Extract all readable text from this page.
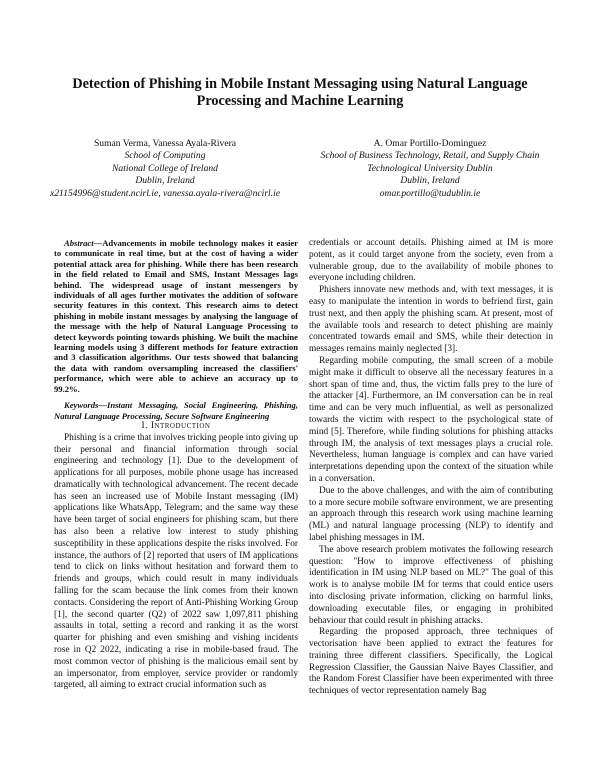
Detection of Phishing in Mobile Instant Messaging using Natural Language Processing and Machine Learning
Suman Verma, Vanessa Ayala-Rivera
School of Computing
National College of Ireland
Dublin, Ireland
x21154996@student.ncirl.ie, vanessa.ayala-rivera@ncirl.ie
A. Omar Portillo-Dominguez
School of Business Technology, Retail, and Supply Chain
Technological University Dublin
Dublin, Ireland
omar.portillo@tudublin.ie

Abstract—Advancements in mobile technology makes it easier to communicate in real time, but at the cost of having a wider potential attack area for phishing. While there has been research in the field related to Email and SMS, Instant Messages lags behind. The widespread usage of instant messengers by individuals of all ages further motivates the addition of software security features in this context. This research aims to detect phishing in mobile instant messages by analysing the language of the message with the help of Natural Language Processing to detect keywords pointing towards phishing. We built the machine learning models using 3 different methods for feature extraction and 3 classification algorithms. Our tests showed that balancing the data with random oversampling increased the classifiers' performance, which were able to achieve an accuracy up to 99.2%.

Keywords—Instant Messaging, Social Engineering, Phishing, Natural Language Processing, Secure Software Engineering

I. Introduction

Phishing is a crime that involves tricking people into giving up their personal and financial information through social engineering and technology [1]. Due to the development of applications for all purposes, mobile phone usage has increased dramatically with technological advancement. The recent decade has seen an increased use of Mobile Instant messaging (IM) applications like WhatsApp, Telegram; and the same way these have been target of social engineers for phishing scam, but there has also been a relative low interest to study phishing susceptibility in these applications despite the risks involved. For instance, the authors of [2] reported that users of IM applications tend to click on links without hesitation and forward them to friends and groups, which could result in many individuals falling for the scam because the link comes from their known contacts. Considering the report of Anti-Phishing Working Group [1], the second quarter (Q2) of 2022 saw 1,097,811 phishing assaults in total, setting a record and ranking it as the worst quarter for phishing and even smishing and vishing incidents rose in Q2 2022, indicating a rise in mobile-based fraud. The most common vector of phishing is the malicious email sent by an impersonator, from employer, service provider or randomly targeted, all aiming to extract crucial information such as

credentials or account details. Phishing aimed at IM is more potent, as it could target anyone from the society, even from a vulnerable group, due to the availability of mobile phones to everyone including children.

Phishers innovate new methods and, with text messages, it is easy to manipulate the intention in words to befriend first, gain trust next, and then apply the phishing scam. At present, most of the available tools and research to detect phishing are mainly concentrated towards email and SMS, while their detection in messages remains mainly neglected [3].

Regarding mobile computing, the small screen of a mobile might make it difficult to observe all the necessary features in a short span of time and, thus, the victim falls prey to the lure of the attacker [4]. Furthermore, an IM conversation can be in real time and can be very much influential, as well as personalized towards the victim with respect to the psychological state of mind [5]. Therefore, while finding solutions for phishing attacks through IM, the analysis of text messages plays a crucial role. Nevertheless, human language is complex and can have varied interpretations depending upon the context of the situation while in a conversation.

Due to the above challenges, and with the aim of contributing to a more secure mobile software environment, we are presenting an approach through this research work using machine learning (ML) and natural language processing (NLP) to identify and label phishing messages in IM.

The above research problem motivates the following research question: "How to improve effectiveness of phishing identification in IM using NLP based on ML?" The goal of this work is to analyse mobile IM for terms that could entice users into disclosing private information, clicking on harmful links, downloading executable files, or engaging in prohibited behaviour that could result in phishing attacks.

Regarding the proposed approach, three techniques of vectorisation have been applied to extract the features for training three different classifiers. Specifically, the Logical Regression Classifier, the Gaussian Naive Bayes Classifier, and the Random Forest Classifier have been experimented with three techniques of vector representation namely Bag
